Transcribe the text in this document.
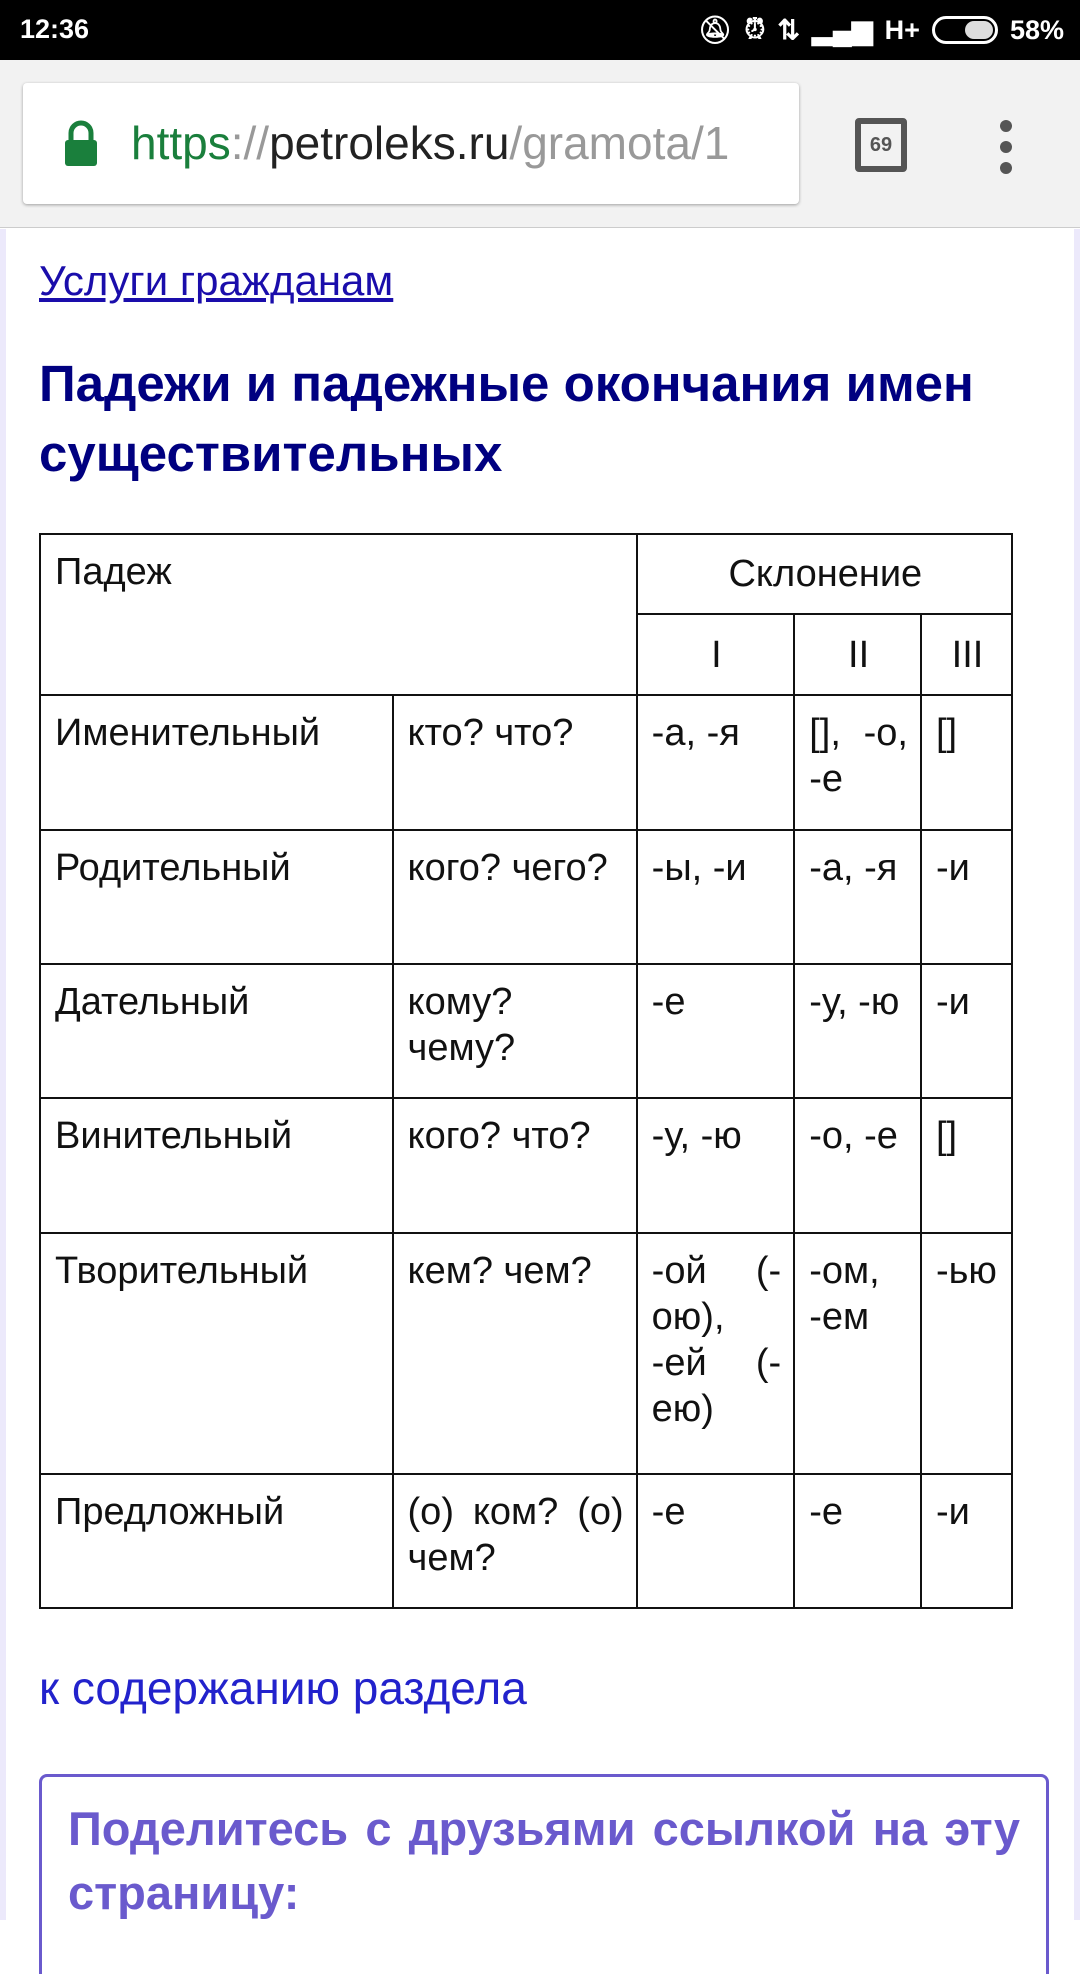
12:36	🔕︎ ⏰︎ ⇅ ▂▄▆ H+	58%
https://petroleks.ru/gramota/1	69
Услуги гражданам
Падежи и падежные окончания имен существительных
Падеж		Склонение		
		I	II	III
Именительный	кто? что?	-а, -я	[], -о, -е	[]
Родительный	кого? чего?	-ы, -и	-а, -я	-и
Дательный	кому? чему?	-е	-у, -ю	-и
Винительный	кого? что?	-у, -ю	-о, -е	[]
Творительный	кем? чем?	-ой (-ою), -ей (-ею)	-ом, -ем	-ью
Предложный	(о) ком? (о) чем?	-е	-е	-и
к содержанию раздела
Поделитесь с друзьями ссылкой на эту страницу:
